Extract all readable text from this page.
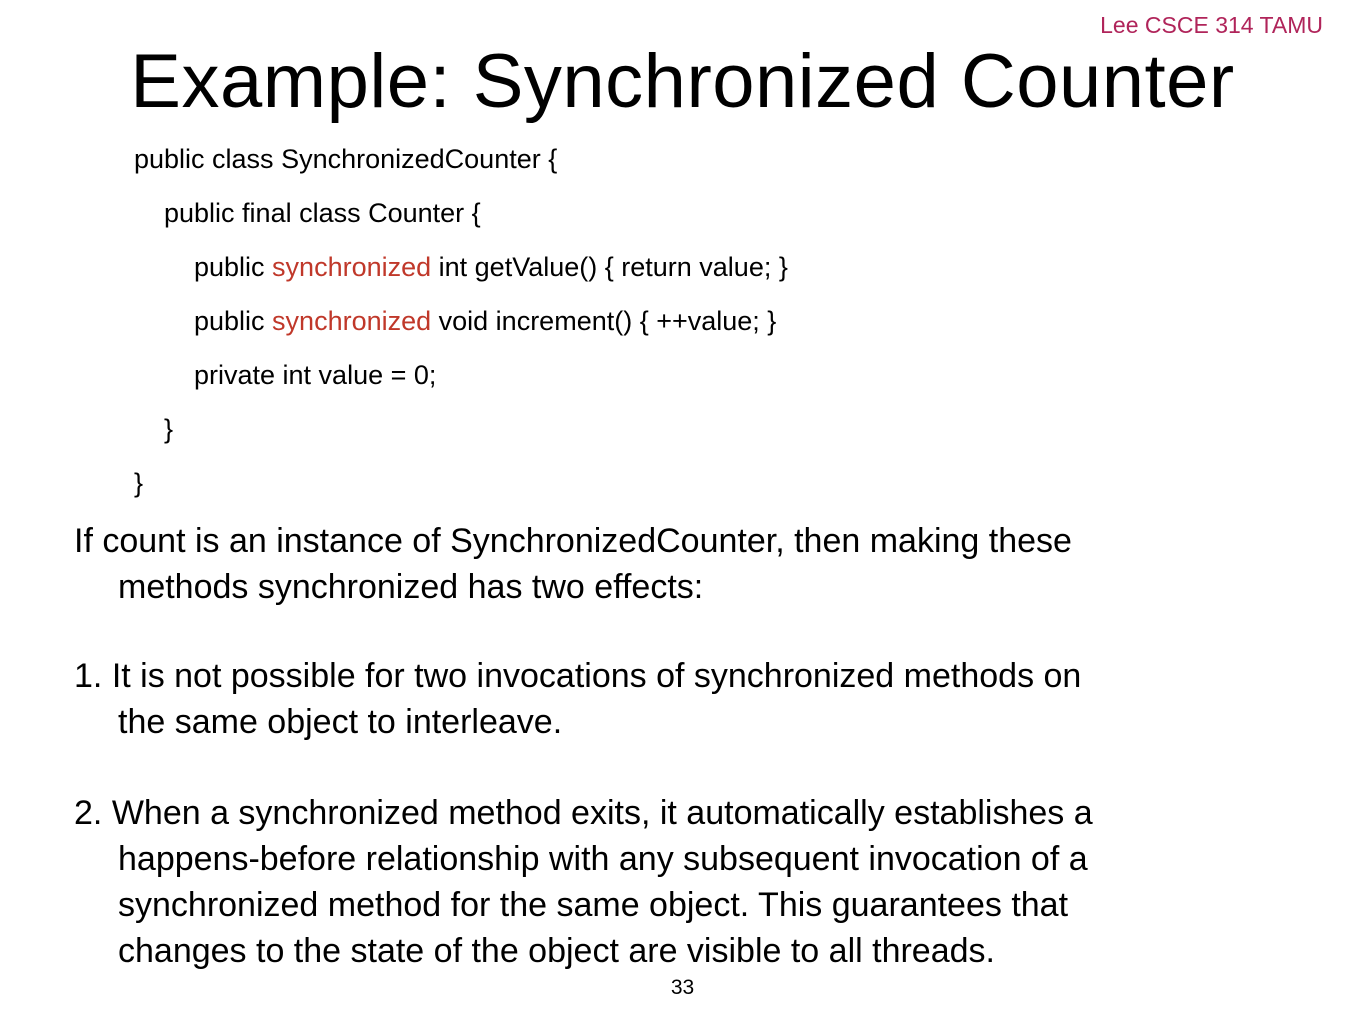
Lee CSCE 314 TAMU
Example: Synchronized Counter
public class SynchronizedCounter {
public final class Counter {
public synchronized int getValue() { return value; }
public synchronized void increment() { ++value; }
private int value = 0;
}
}
If count is an instance of SynchronizedCounter, then making these
methods synchronized has two effects:
1. It is not possible for two invocations of synchronized methods on
the same object to interleave.
2. When a synchronized method exits, it automatically establishes a
happens-before relationship with any subsequent invocation of a
synchronized method for the same object. This guarantees that
changes to the state of the object are visible to all threads.
33
